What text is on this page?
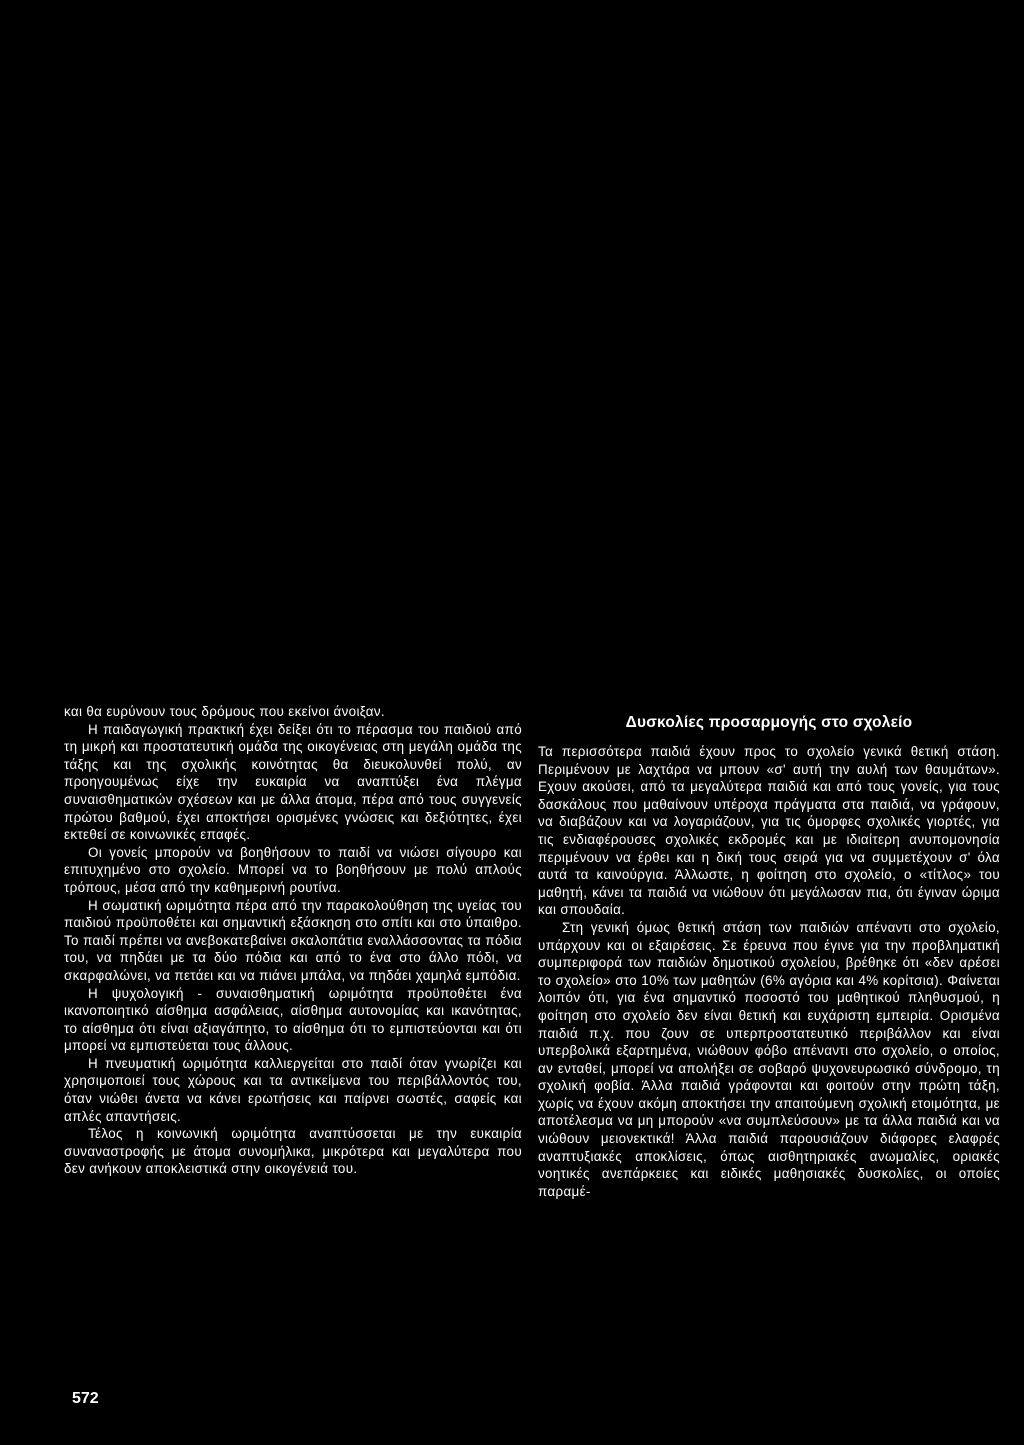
και θα ευρύνουν τους δρόμους που εκείνοι άνοιξαν.

Η παιδαγωγική πρακτική έχει δείξει ότι το πέρασμα του παιδιού από τη μικρή και προστατευτική ομάδα της οικογένειας στη μεγάλη ομάδα της τάξης και της σχολικής κοινότητας θα διευκολυνθεί πολύ, αν προηγουμένως είχε την ευκαιρία να αναπτύξει ένα πλέγμα συναισθηματικών σχέσεων και με άλλα άτομα, πέρα από τους συγγενείς πρώτου βαθμού, έχει αποκτήσει ορισμένες γνώσεις και δεξιότητες, έχει εκτεθεί σε κοινωνικές επαφές.

Οι γονείς μπορούν να βοηθήσουν το παιδί να νιώσει σίγουρο και επιτυχημένο στο σχολείο. Μπορεί να το βοηθήσουν με πολύ απλούς τρόπους, μέσα από την καθημερινή ρουτίνα.

Η σωματική ωριμότητα πέρα από την παρακολούθηση της υγείας του παιδιού προϋποθέτει και σημαντική εξάσκηση στο σπίτι και στο ύπαιθρο. Το παιδί πρέπει να ανεβοκατεβαίνει σκαλοπάτια εναλλάσσοντας τα πόδια του, να πηδάει με τα δύο πόδια και από το ένα στο άλλο πόδι, να σκαρφαλώνει, να πετάει και να πιάνει μπάλα, να πηδάει χαμηλά εμπόδια.

Η ψυχολογική - συναισθηματική ωριμότητα προϋποθέτει ένα ικανοποιητικό αίσθημα ασφάλειας, αίσθημα αυτονομίας και ικανότητας, το αίσθημα ότι είναι αξιαγάπητο, το αίσθημα ότι το εμπιστεύονται και ότι μπορεί να εμπιστεύεται τους άλλους.

Η πνευματική ωριμότητα καλλιεργείται στο παιδί όταν γνωρίζει και χρησιμοποιεί τους χώρους και τα αντικείμενα του περιβάλλοντός του, όταν νιώθει άνετα να κάνει ερωτήσεις και παίρνει σωστές, σαφείς και απλές απαντήσεις.

Τέλος η κοινωνική ωριμότητα αναπτύσσεται με την ευκαιρία συναναστροφής με άτομα συνομήλικα, μικρότερα και μεγαλύτερα που δεν ανήκουν αποκλειστικά στην οικογένειά του.

Δυσκολίες προσαρμογής στο σχολείο

Τα περισσότερα παιδιά έχουν προς το σχολείο γενικά θετική στάση. Περιμένουν με λαχτάρα να μπουν «σ' αυτή την αυλή των θαυμάτων». Εχουν ακούσει, από τα μεγαλύτερα παιδιά και από τους γονείς, για τους δασκάλους που μαθαίνουν υπέροχα πράγματα στα παιδιά, να γράφουν, να διαβάζουν και να λογαριάζουν, για τις όμορφες σχολικές γιορτές, για τις ενδιαφέρουσες σχολικές εκδρομές και με ιδιαίτερη ανυπομονησία περιμένουν να έρθει και η δική τους σειρά για να συμμετέχουν σ' όλα αυτά τα καινούργια. Άλλωστε, η φοίτηση στο σχολείο, ο «τίτλος» του μαθητή, κάνει τα παιδιά να νιώθουν ότι μεγάλωσαν πια, ότι έγιναν ώριμα και σπουδαία.

Στη γενική όμως θετική στάση των παιδιών απέναντι στο σχολείο, υπάρχουν και οι εξαιρέσεις. Σε έρευνα που έγινε για την προβληματική συμπεριφορά των παιδιών δημοτικού σχολείου, βρέθηκε ότι «δεν αρέσει το σχολείο» στο 10% των μαθητών (6% αγόρια και 4% κορίτσια). Φαίνεται λοιπόν ότι, για ένα σημαντικό ποσοστό του μαθητικού πληθυσμού, η φοίτηση στο σχολείο δεν είναι θετική και ευχάριστη εμπειρία. Ορισμένα παιδιά π.χ. που ζουν σε υπερπροστατευτικό περιβάλλον και είναι υπερβολικά εξαρτημένα, νιώθουν φόβο απέναντι στο σχολείο, ο οποίος, αν ενταθεί, μπορεί να απολήξει σε σοβαρό ψυχονευρωσικό σύνδρομο, τη σχολική φοβία. Άλλα παιδιά γράφονται και φοιτούν στην πρώτη τάξη, χωρίς να έχουν ακόμη αποκτήσει την απαιτούμενη σχολική ετοιμότητα, με αποτέλεσμα να μη μπορούν «να συμπλεύσουν» με τα άλλα παιδιά και να νιώθουν μειονεκτικά! Άλλα παιδιά παρουσιάζουν διάφορες ελαφρές αναπτυξιακές αποκλίσεις, όπως αισθητηριακές ανωμαλίες, οριακές νοητικές ανεπάρκειες και ειδικές μαθησιακές δυσκολίες, οι οποίες παραμέ-

572
